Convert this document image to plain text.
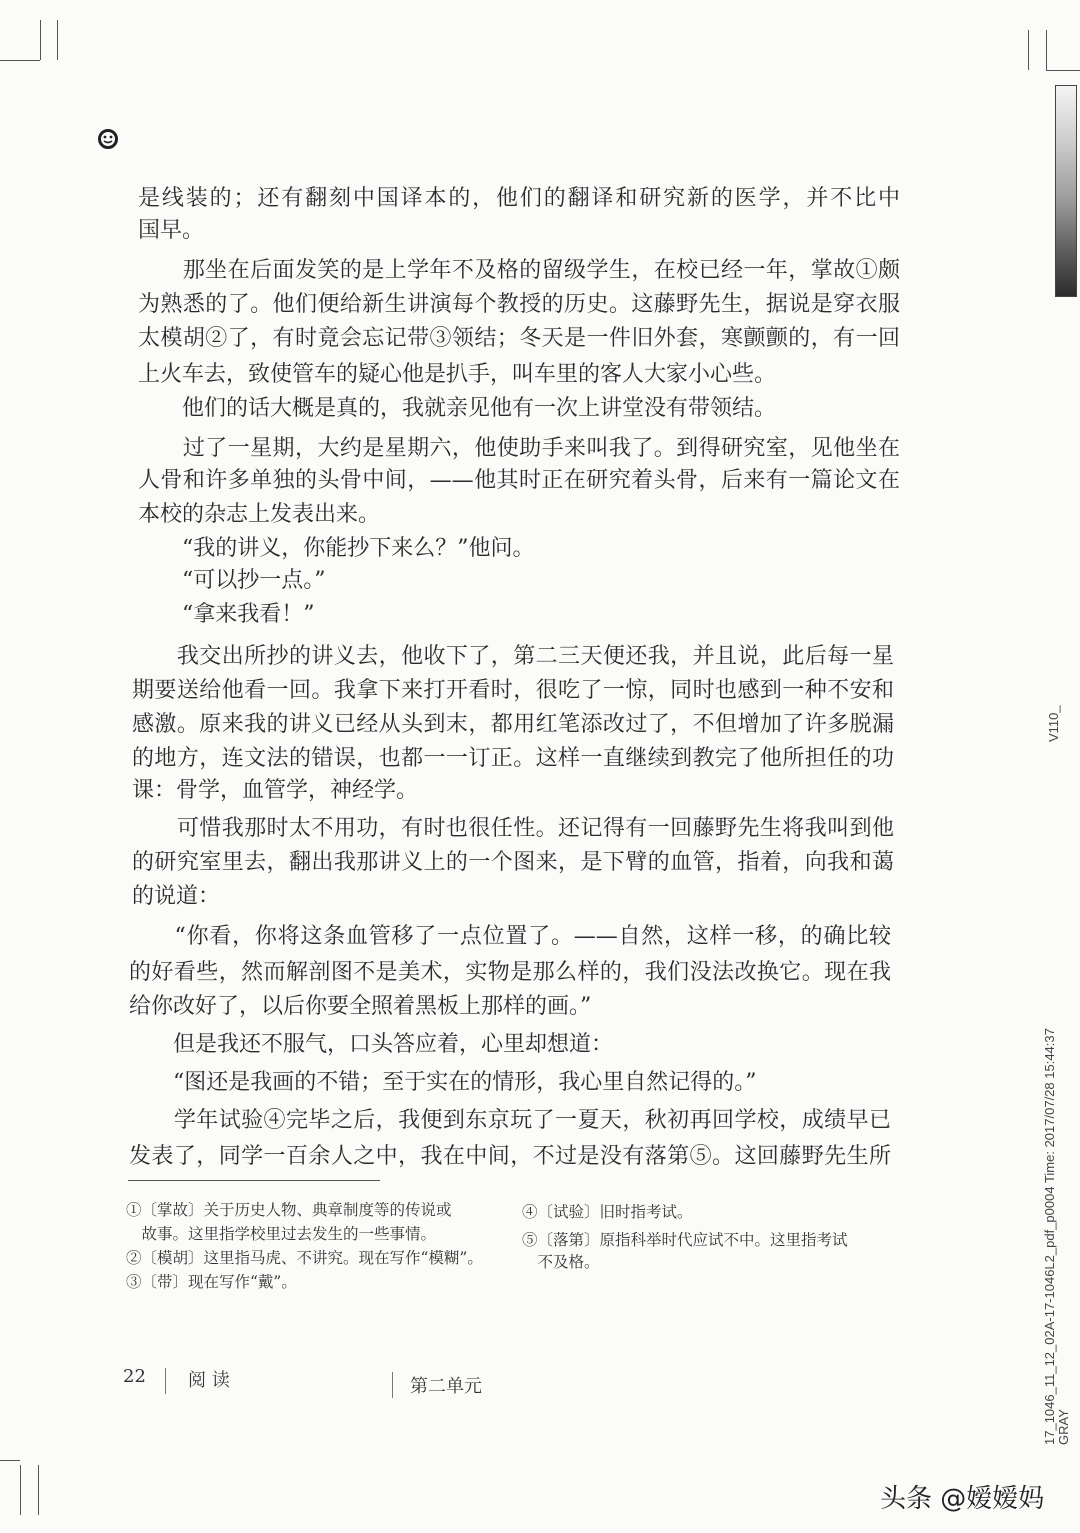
是线装的；还有翻刻中国译本的，他们的翻译和研究新的医学，并不比中
国早。
　　那坐在后面发笑的是上学年不及格的留级学生，在校已经一年，掌故①颇
为熟悉的了。他们便给新生讲演每个教授的历史。这藤野先生，据说是穿衣服
太模胡②了，有时竟会忘记带③领结；冬天是一件旧外套，寒颤颤的，有一回
上火车去，致使管车的疑心他是扒手，叫车里的客人大家小心些。
　　他们的话大概是真的，我就亲见他有一次上讲堂没有带领结。
　　过了一星期，大约是星期六，他使助手来叫我了。到得研究室，见他坐在
人骨和许多单独的头骨中间，——他其时正在研究着头骨，后来有一篇论文在
本校的杂志上发表出来。
　　“我的讲义，你能抄下来么？”他问。
　　“可以抄一点。”
　　“拿来我看！”
　　我交出所抄的讲义去，他收下了，第二三天便还我，并且说，此后每一星
期要送给他看一回。我拿下来打开看时，很吃了一惊，同时也感到一种不安和
感激。原来我的讲义已经从头到末，都用红笔添改过了，不但增加了许多脱漏
的地方，连文法的错误，也都一一订正。这样一直继续到教完了他所担任的功
课：骨学，血管学，神经学。
　　可惜我那时太不用功，有时也很任性。还记得有一回藤野先生将我叫到他
的研究室里去，翻出我那讲义上的一个图来，是下臂的血管，指着，向我和蔼
的说道：
　　“你看，你将这条血管移了一点位置了。——自然，这样一移，的确比较
的好看些，然而解剖图不是美术，实物是那么样的，我们没法改换它。现在我
给你改好了，以后你要全照着黑板上那样的画。”
　　但是我还不服气，口头答应着，心里却想道：
　　“图还是我画的不错；至于实在的情形，我心里自然记得的。”
　　学年试验④完毕之后，我便到东京玩了一夏天，秋初再回学校，成绩早已
发表了，同学一百余人之中，我在中间，不过是没有落第⑤。这回藤野先生所
①〔掌故〕关于历史人物、典章制度等的传说或
　故事。这里指学校里过去发生的一些事情。
②〔模胡〕这里指马虎、不讲究。现在写作“模糊”。
③〔带〕现在写作“戴”。
④〔试验〕旧时指考试。
⑤〔落第〕原指科举时代应试不中。这里指考试
　不及格。
22 阅 读	第二单元
V110_
17_1046_11_12_02A-17-1046L2_pdf_p0004 Time: 2017/07/28 15:44:37 GRAY
头条 @嫒嫒妈
